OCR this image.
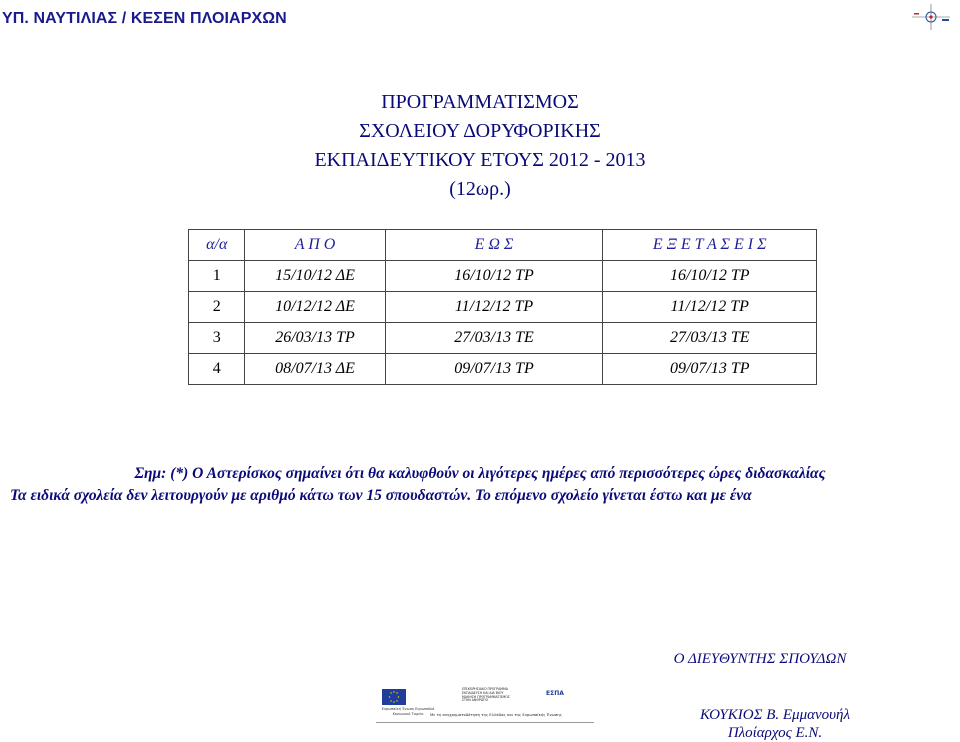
ΥΠ. ΝΑΥΤΙΛΙΑΣ / ΚΕΣΕΝ ΠΛΟΙΑΡΧΩΝ
ΠΡΟΓΡΑΜΜΑΤΙΣΜΟΣ
ΣΧΟΛΕΙΟΥ ΔΟΡΥΦΟΡΙΚΗΣ
ΕΚΠΑΙΔΕΥΤΙΚΟΥ ΕΤΟΥΣ 2012 - 2013
(12ωρ.)
α/α	Α Π Ο	Ε Ω Σ	Ε Ξ Ε Τ Α Σ Ε Ι Σ
1	15/10/12 ΔΕ	16/10/12 ΤΡ	16/10/12 ΤΡ
2	10/12/12 ΔΕ	11/12/12 ΤΡ	11/12/12 ΤΡ
3	26/03/13 ΤΡ	27/03/13 ΤΕ	27/03/13 ΤΕ
4	08/07/13 ΔΕ	09/07/13 ΤΡ	09/07/13 ΤΡ
Σημ: (*) Ο Αστερίσκος σημαίνει ότι θα καλυφθούν οι λιγότερες ημέρες από περισσότερες ώρες διδασκαλίας
Τα ειδικά σχολεία δεν λειτουργούν με αριθμό κάτω των 15 σπουδαστών. Το επόμενο σχολείο γίνεται έστω και με ένα
Ο ΔΙΕΥΘΥΝΤΗΣ ΣΠΟΥΔΩΝ
ΚΟΥΚΙΟΣ Β. Εμμανουήλ
Πλοίαρχος Ε.Ν.
Ευρωπαϊκή Ένωση Ευρωπαϊκό Κοινωνικό Ταμείο
ΕΠΙΧΕΙΡΗΣΙΑΚΟ ΠΡΟΓΡΑΜΜΑ ΕΚΠΑΙΔΕΥΣΗ ΚΑΙ ΔΙΑ ΒΙΟΥ ΜΑΘΗΣΗ ΠΡΟΓΡΑΜΜΑΤΙΣΜΟΣ ΣΤΗΝ ΑΝΘΡΩΠΟ
ΕΣΠΑ
Με τη συγχρηματοδότηση της Ελλάδας και της Ευρωπαϊκής Ένωσης
